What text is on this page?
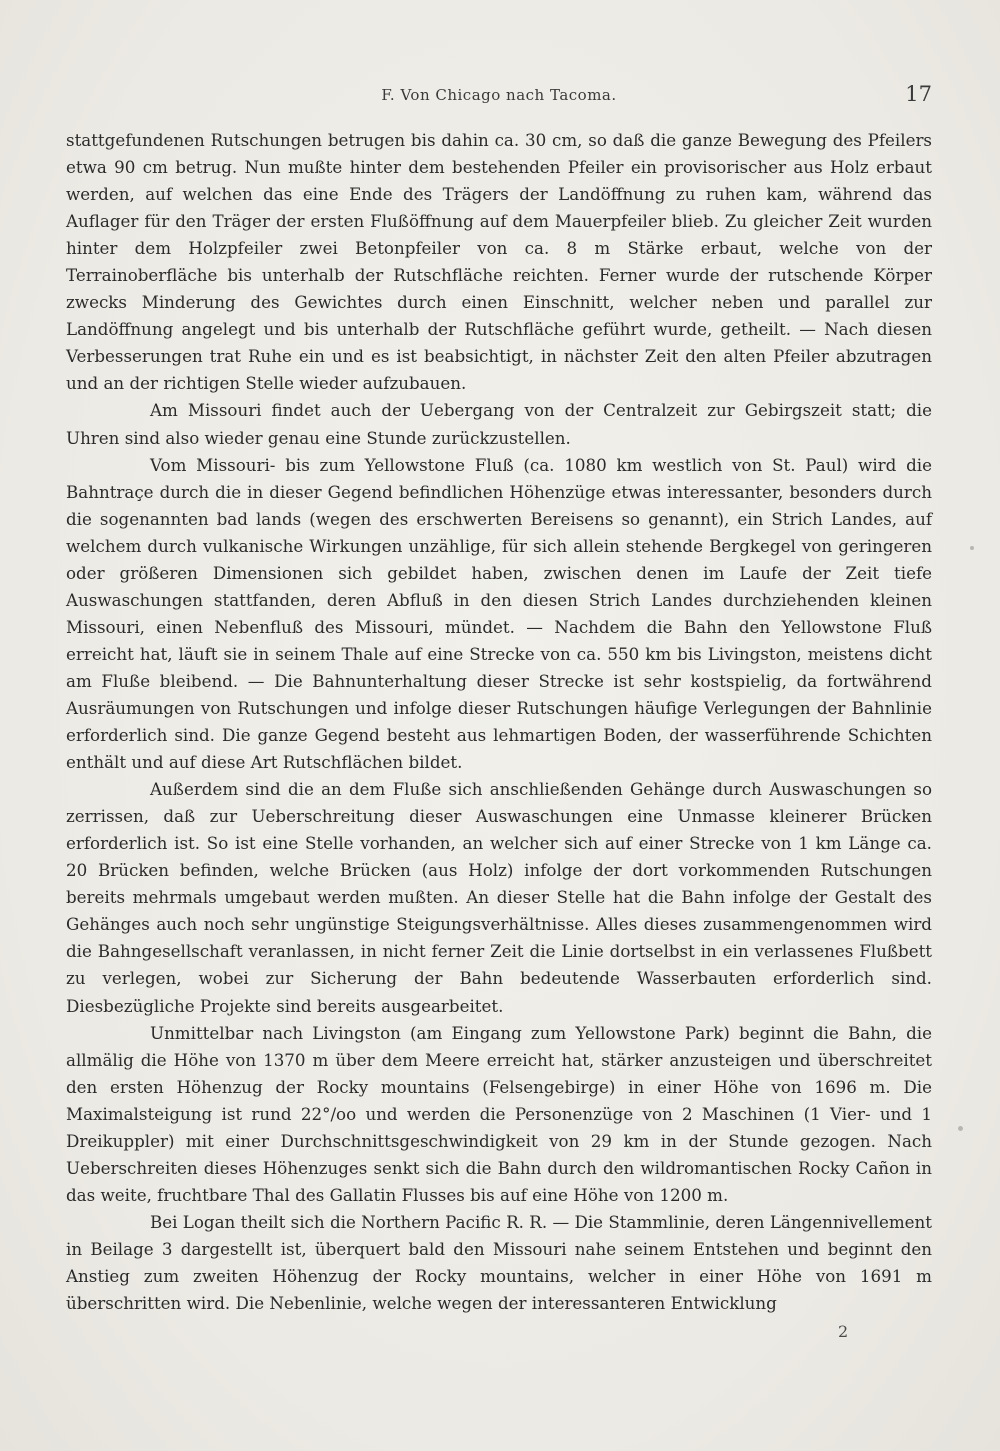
F. Von Chicago nach Tacoma.	17

stattgefundenen Rutschungen betrugen bis dahin ca. 30 cm, so daß die ganze Bewegung des Pfeilers etwa 90 cm betrug. Nun mußte hinter dem bestehenden Pfeiler ein provisorischer aus Holz erbaut werden, auf welchen das eine Ende des Trägers der Landöffnung zu ruhen kam, während das Auflager für den Träger der ersten Flußöffnung auf dem Mauerpfeiler blieb. Zu gleicher Zeit wurden hinter dem Holzpfeiler zwei Betonpfeiler von ca. 8 m Stärke erbaut, welche von der Terrainoberfläche bis unterhalb der Rutschfläche reichten. Ferner wurde der rutschende Körper zwecks Minderung des Gewichtes durch einen Einschnitt, welcher neben und parallel zur Landöffnung angelegt und bis unterhalb der Rutschfläche geführt wurde, getheilt. — Nach diesen Verbesserungen trat Ruhe ein und es ist beabsichtigt, in nächster Zeit den alten Pfeiler abzutragen und an der richtigen Stelle wieder aufzubauen.

Am Missouri findet auch der Uebergang von der Centralzeit zur Gebirgszeit statt; die Uhren sind also wieder genau eine Stunde zurückzustellen.

Vom Missouri- bis zum Yellowstone Fluß (ca. 1080 km westlich von St. Paul) wird die Bahntraçe durch die in dieser Gegend befindlichen Höhenzüge etwas interessanter, besonders durch die sogenannten bad lands (wegen des erschwerten Bereisens so genannt), ein Strich Landes, auf welchem durch vulkanische Wirkungen unzählige, für sich allein stehende Bergkegel von geringeren oder größeren Dimensionen sich gebildet haben, zwischen denen im Laufe der Zeit tiefe Auswaschungen stattfanden, deren Abfluß in den diesen Strich Landes durchziehenden kleinen Missouri, einen Nebenfluß des Missouri, mündet. — Nachdem die Bahn den Yellowstone Fluß erreicht hat, läuft sie in seinem Thale auf eine Strecke von ca. 550 km bis Livingston, meistens dicht am Fluße bleibend. — Die Bahnunterhaltung dieser Strecke ist sehr kostspielig, da fortwährend Ausräumungen von Rutschungen und infolge dieser Rutschungen häufige Verlegungen der Bahnlinie erforderlich sind. Die ganze Gegend besteht aus lehmartigen Boden, der wasserführende Schichten enthält und auf diese Art Rutschflächen bildet.

Außerdem sind die an dem Fluße sich anschließenden Gehänge durch Auswaschungen so zerrissen, daß zur Ueberschreitung dieser Auswaschungen eine Unmasse kleinerer Brücken erforderlich ist. So ist eine Stelle vorhanden, an welcher sich auf einer Strecke von 1 km Länge ca. 20 Brücken befinden, welche Brücken (aus Holz) infolge der dort vorkommenden Rutschungen bereits mehrmals umgebaut werden mußten. An dieser Stelle hat die Bahn infolge der Gestalt des Gehänges auch noch sehr ungünstige Steigungsverhältnisse. Alles dieses zusammengenommen wird die Bahngesellschaft veranlassen, in nicht ferner Zeit die Linie dortselbst in ein verlassenes Flußbett zu verlegen, wobei zur Sicherung der Bahn bedeutende Wasserbauten erforderlich sind. Diesbezügliche Projekte sind bereits ausgearbeitet.

Unmittelbar nach Livingston (am Eingang zum Yellowstone Park) beginnt die Bahn, die allmälig die Höhe von 1370 m über dem Meere erreicht hat, stärker anzusteigen und überschreitet den ersten Höhenzug der Rocky mountains (Felsengebirge) in einer Höhe von 1696 m. Die Maximalsteigung ist rund 22°/oo und werden die Personenzüge von 2 Maschinen (1 Vier- und 1 Dreikuppler) mit einer Durchschnittsgeschwindigkeit von 29 km in der Stunde gezogen. Nach Ueberschreiten dieses Höhenzuges senkt sich die Bahn durch den wildromantischen Rocky Cañon in das weite, fruchtbare Thal des Gallatin Flusses bis auf eine Höhe von 1200 m.

Bei Logan theilt sich die Northern Pacific R. R. — Die Stammlinie, deren Längennivellement in Beilage 3 dargestellt ist, überquert bald den Missouri nahe seinem Entstehen und beginnt den Anstieg zum zweiten Höhenzug der Rocky mountains, welcher in einer Höhe von 1691 m überschritten wird. Die Nebenlinie, welche wegen der interessanteren Entwicklung

2
